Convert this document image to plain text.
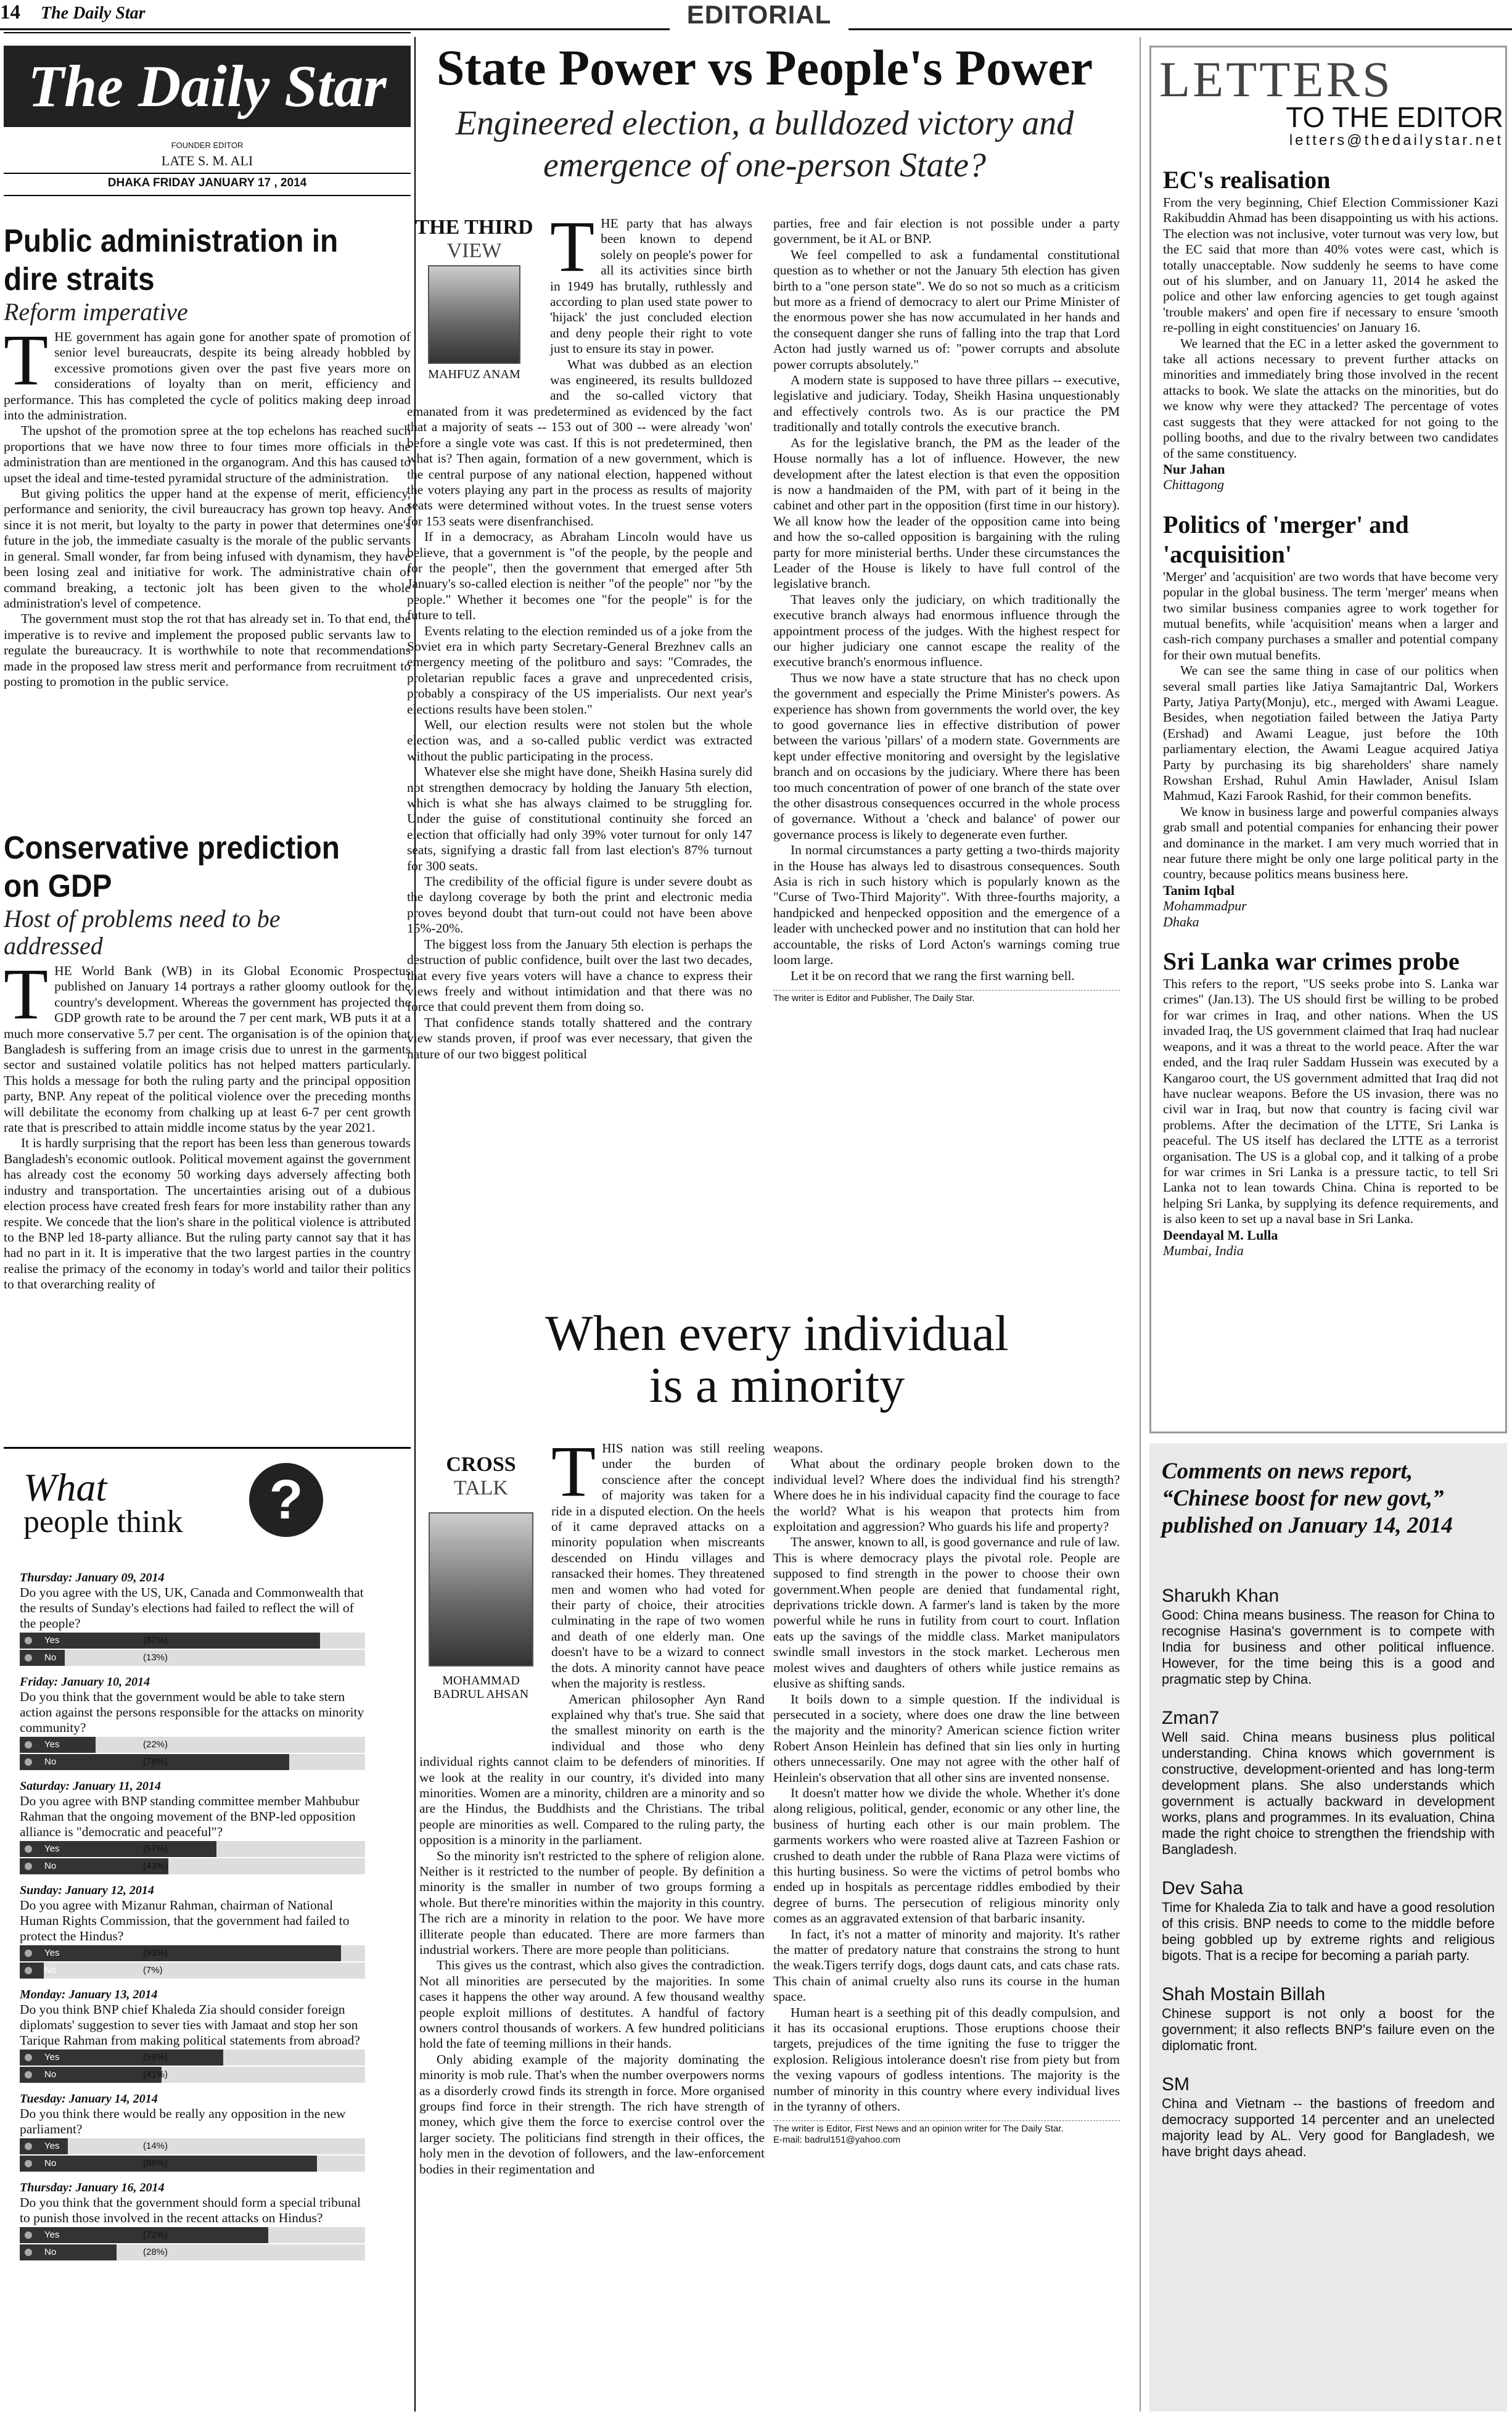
14	The Daily Star	EDITORIAL
The Daily Star
FOUNDER EDITOR
LATE S. M. ALI
DHAKA FRIDAY JANUARY 17 , 2014
Public administration in dire straits
Reform imperative
T HE government has again gone for another spate of promotion of senior level bureaucrats, despite its being already hobbled by excessive promotions given over the past five years more on considerations of loyalty than on merit, efficiency and performance. This has completed the cycle of politics making deep inroad into the administration.

The upshot of the promotion spree at the top echelons has reached such proportions that we have now three to four times more officials in the administration than are mentioned in the organogram. And this has caused to upset the ideal and time-tested pyramidal structure of the administration.

But giving politics the upper hand at the expense of merit, efficiency, performance and seniority, the civil bureaucracy has grown top heavy. And since it is not merit, but loyalty to the party in power that determines one's future in the job, the immediate casualty is the morale of the public servants in general. Small wonder, far from being infused with dynamism, they have been losing zeal and initiative for work. The administrative chain of command breaking, a tectonic jolt has been given to the whole administration's level of competence.

The government must stop the rot that has already set in. To that end, the imperative is to revive and implement the proposed public servants law to regulate the bureaucracy. It is worthwhile to note that recommendations made in the proposed law stress merit and performance from recruitment to posting to promotion in the public service.

Conservative prediction on GDP
Host of problems need to be addressed
T HE World Bank (WB) in its Global Economic Prospectus published on January 14 portrays a rather gloomy outlook for the country's development. Whereas the government has projected the GDP growth rate to be around the 7 per cent mark, WB puts it at a much more conservative 5.7 per cent. The organisation is of the opinion that Bangladesh is suffering from an image crisis due to unrest in the garments sector and sustained volatile politics has not helped matters particularly. This holds a message for both the ruling party and the principal opposition party, BNP. Any repeat of the political violence over the preceding months will debilitate the economy from chalking up at least 6-7 per cent growth rate that is prescribed to attain middle income status by the year 2021.

It is hardly surprising that the report has been less than generous towards Bangladesh's economic outlook. Political movement against the government has already cost the economy 50 working days adversely affecting both industry and transportation. The uncertainties arising out of a dubious election process have created fresh fears for more instability rather than any respite. We concede that the lion's share in the political violence is attributed to the BNP led 18-party alliance. But the ruling party cannot say that it has had no part in it. It is imperative that the two largest parties in the country realise the primacy of the economy in today's world and tailor their politics to that overarching reality of

What
people think	?
Thursday: January 09, 2014
Do you agree with the US, UK, Canada and Commonwealth that the results of Sunday's elections had failed to reflect the will of the people?
Yes	(87%)
No	(13%)
Friday: January 10, 2014
Do you think that the government would be able to take stern action against the persons responsible for the attacks on minority community?
Yes	(22%)
No	(78%)
Saturday: January 11, 2014
Do you agree with BNP standing committee member Mahbubur Rahman that the ongoing movement of the BNP-led opposition alliance is "democratic and peaceful"?
Yes	(57%)
No	(43%)
Sunday: January 12, 2014
Do you agree with Mizanur Rahman, chairman of National Human Rights Commission, that the government had failed to protect the Hindus?
Yes	(93%)
No	(7%)
Monday: January 13, 2014
Do you think BNP chief Khaleda Zia should consider foreign diplomats' suggestion to sever ties with Jamaat and stop her son Tarique Rahman from making political statements from abroad?
Yes	(59%)
No	(41%)
Tuesday: January 14, 2014
Do you think there would be really any opposition in the new parliament?
Yes	(14%)
No	(86%)
Thursday: January 16, 2014
Do you think that the government should form a special tribunal to punish those involved in the recent attacks on Hindus?
Yes	(72%)
No	(28%)
State Power vs People's Power
Engineered election, a bulldozed victory and emergence of one-person State?
THE THIRD
VIEW
MAHFUZ ANAM
T HE party that has always been known to depend solely on people's power for all its activities since birth in 1949 has brutally, ruthlessly and according to plan used state power to 'hijack' the just concluded election and deny people their right to vote just to ensure its stay in power.

What was dubbed as an election was engineered, its results bulldozed and the so-called victory that emanated from it was predetermined as evidenced by the fact that a majority of seats -- 153 out of 300 -- were already 'won' before a single vote was cast. If this is not predetermined, then what is? Then again, formation of a new government, which is the central purpose of any national election, happened without the voters playing any part in the process as results of majority seats were determined without votes. In the truest sense voters for 153 seats were disenfranchised.

If in a democracy, as Abraham Lincoln would have us believe, that a government is "of the people, by the people and for the people", then the government that emerged after 5th January's so-called election is neither "of the people" nor "by the people." Whether it becomes one "for the people" is for the future to tell.

Events relating to the election reminded us of a joke from the Soviet era in which party Secretary-General Brezhnev calls an emergency meeting of the politburo and says: "Comrades, the proletarian republic faces a grave and unprecedented crisis, probably a conspiracy of the US imperialists. Our next year's elections results have been stolen."

Well, our election results were not stolen but the whole election was, and a so-called public verdict was extracted without the public participating in the process.

Whatever else she might have done, Sheikh Hasina surely did not strengthen democracy by holding the January 5th election, which is what she has always claimed to be struggling for. Under the guise of constitutional continuity she forced an election that officially had only 39% voter turnout for only 147 seats, signifying a drastic fall from last election's 87% turnout for 300 seats.

The credibility of the official figure is under severe doubt as the daylong coverage by both the print and electronic media proves beyond doubt that turn-out could not have been above 15%-20%.

The biggest loss from the January 5th election is perhaps the destruction of public confidence, built over the last two decades, that every five years voters will have a chance to express their views freely and without intimidation and that there was no force that could prevent them from doing so.

That confidence stands totally shattered and the contrary view stands proven, if proof was ever necessary, that given the nature of our two biggest political

parties, free and fair election is not possible under a party government, be it AL or BNP.

We feel compelled to ask a fundamental constitutional question as to whether or not the January 5th election has given birth to a "one person state". We do so not so much as a criticism but more as a friend of democracy to alert our Prime Minister of the enormous power she has now accumulated in her hands and the consequent danger she runs of falling into the trap that Lord Acton had justly warned us of: "power corrupts and absolute power corrupts absolutely."

A modern state is supposed to have three pillars -- executive, legislative and judiciary. Today, Sheikh Hasina unquestionably and effectively controls two. As is our practice the PM traditionally and totally controls the executive branch.

As for the legislative branch, the PM as the leader of the House normally has a lot of influence. However, the new development after the latest election is that even the opposition is now a handmaiden of the PM, with part of it being in the cabinet and other part in the opposition (first time in our history). We all know how the leader of the opposition came into being and how the so-called opposition is bargaining with the ruling party for more ministerial berths. Under these circumstances the Leader of the House is likely to have full control of the legislative branch.

That leaves only the judiciary, on which traditionally the executive branch always had enormous influence through the appointment process of the judges. With the highest respect for our higher judiciary one cannot escape the reality of the executive branch's enormous influence.

Thus we now have a state structure that has no check upon the government and especially the Prime Minister's powers. As experience has shown from governments the world over, the key to good governance lies in effective distribution of power between the various 'pillars' of a modern state. Governments are kept under effective monitoring and oversight by the legislative branch and on occasions by the judiciary. Where there has been too much concentration of power of one branch of the state over the other disastrous consequences occurred in the whole process of governance. Without a 'check and balance' of power our governance process is likely to degenerate even further.

In normal circumstances a party getting a two-thirds majority in the House has always led to disastrous consequences. South Asia is rich in such history which is popularly known as the "Curse of Two-Third Majority". With three-fourths majority, a handpicked and henpecked opposition and the emergence of a leader with unchecked power and no institution that can hold her accountable, the risks of Lord Acton's warnings coming true loom large.

Let it be on record that we rang the first warning bell.

The writer is Editor and Publisher, The Daily Star.
When every individual
is a minority
CROSS
TALK
MOHAMMAD
BADRUL AHSAN
T HIS nation was still reeling under the burden of conscience after the concept of majority was taken for a ride in a disputed election. On the heels of it came depraved attacks on a minority population when miscreants descended on Hindu villages and ransacked their homes. They threatened men and women who had voted for their party of choice, their atrocities culminating in the rape of two women and death of one elderly man. One doesn't have to be a wizard to connect the dots. A minority cannot have peace when the majority is restless.

American philosopher Ayn Rand explained why that's true. She said that the smallest minority on earth is the individual and those who deny individual rights cannot claim to be defenders of minorities. If we look at the reality in our country, it's divided into many minorities. Women are a minority, children are a minority and so are the Hindus, the Buddhists and the Christians. The tribal people are minorities as well. Compared to the ruling party, the opposition is a minority in the parliament.

So the minority isn't restricted to the sphere of religion alone. Neither is it restricted to the number of people. By definition a minority is the smaller in number of two groups forming a whole. But there're minorities within the majority in this country. The rich are a minority in relation to the poor. We have more illiterate people than educated. There are more farmers than industrial workers. There are more people than politicians.

This gives us the contrast, which also gives the contradiction. Not all minorities are persecuted by the majorities. In some cases it happens the other way around. A few thousand wealthy people exploit millions of destitutes. A handful of factory owners control thousands of workers. A few hundred politicians hold the fate of teeming millions in their hands.

Only abiding example of the majority dominating the minority is mob rule. That's when the number overpowers norms as a disorderly crowd finds its strength in force. More organised groups find force in their strength. The rich have strength of money, which give them the force to exercise control over the larger society. The politicians find strength in their offices, the holy men in the devotion of followers, and the law-enforcement bodies in their regimentation and

weapons.

What about the ordinary people broken down to the individual level? Where does the individual find his strength? Where does he in his individual capacity find the courage to face the world? What is his weapon that protects him from exploitation and aggression? Who guards his life and property?

The answer, known to all, is good governance and rule of law. This is where democracy plays the pivotal role. People are supposed to find strength in the power to choose their own government.When people are denied that fundamental right, deprivations trickle down. A farmer's land is taken by the more powerful while he runs in futility from court to court. Inflation eats up the savings of the middle class. Market manipulators swindle small investors in the stock market. Lecherous men molest wives and daughters of others while justice remains as elusive as shifting sands.

It boils down to a simple question. If the individual is persecuted in a society, where does one draw the line between the majority and the minority? American science fiction writer Robert Anson Heinlein has defined that sin lies only in hurting others unnecessarily. One may not agree with the other half of Heinlein's observation that all other sins are invented nonsense.

It doesn't matter how we divide the whole. Whether it's done along religious, political, gender, economic or any other line, the business of hurting each other is our main problem. The garments workers who were roasted alive at Tazreen Fashion or crushed to death under the rubble of Rana Plaza were victims of this hurting business. So were the victims of petrol bombs who ended up in hospitals as percentage riddles embodied by their degree of burns. The persecution of religious minority only comes as an aggravated extension of that barbaric insanity.

In fact, it's not a matter of minority and majority. It's rather the matter of predatory nature that constrains the strong to hunt the weak.Tigers terrify dogs, dogs daunt cats, and cats chase rats. This chain of animal cruelty also runs its course in the human space.

Human heart is a seething pit of this deadly compulsion, and it has its occasional eruptions. Those eruptions choose their targets, prejudices of the time igniting the fuse to trigger the explosion. Religious intolerance doesn't rise from piety but from the vexing vapours of godless intentions. The majority is the number of minority in this country where every individual lives in the tyranny of others.

The writer is Editor, First News and an opinion writer for The Daily Star.
E-mail: badrul151@yahoo.com
LETTERS
TO THE EDITOR
letters@thedailystar.net
EC's realisation

From the very beginning, Chief Election Commissioner Kazi Rakibuddin Ahmad has been disappointing us with his actions. The election was not inclusive, voter turnout was very low, but the EC said that more than 40% votes were cast, which is totally unacceptable. Now suddenly he seems to have come out of his slumber, and on January 11, 2014 he asked the police and other law enforcing agencies to get tough against 'trouble makers' and open fire if necessary to ensure 'smooth re-polling in eight constituencies' on January 16.

We learned that the EC in a letter asked the government to take all actions necessary to prevent further attacks on minorities and immediately bring those involved in the recent attacks to book. We slate the attacks on the minorities, but do we know why were they attacked? The percentage of votes cast suggests that they were attacked for not going to the polling booths, and due to the rivalry between two candidates of the same constituency.

Nur Jahan

Chittagong

Politics of 'merger' and 'acquisition'

'Merger' and 'acquisition' are two words that have become very popular in the global business. The term 'merger' means when two similar business companies agree to work together for mutual benefits, while 'acquisition' means when a larger and cash-rich company purchases a smaller and potential company for their own mutual benefits.

We can see the same thing in case of our politics when several small parties like Jatiya Samajtantric Dal, Workers Party, Jatiya Party(Monju), etc., merged with Awami League. Besides, when negotiation failed between the Jatiya Party (Ershad) and Awami League, just before the 10th parliamentary election, the Awami League acquired Jatiya Party by purchasing its big shareholders' share namely Rowshan Ershad, Ruhul Amin Hawlader, Anisul Islam Mahmud, Kazi Farook Rashid, for their common benefits.

We know in business large and powerful companies always grab small and potential companies for enhancing their power and dominance in the market. I am very much worried that in near future there might be only one large political party in the country, because politics means business here.

Tanim Iqbal

Mohammadpur

Dhaka

Sri Lanka war crimes probe

This refers to the report, "US seeks probe into S. Lanka war crimes" (Jan.13). The US should first be willing to be probed for war crimes in Iraq, and other nations. When the US invaded Iraq, the US government claimed that Iraq had nuclear weapons, and it was a threat to the world peace. After the war ended, and the Iraq ruler Saddam Hussein was executed by a Kangaroo court, the US government admitted that Iraq did not have nuclear weapons. Before the US invasion, there was no civil war in Iraq, but now that country is facing civil war problems. After the decimation of the LTTE, Sri Lanka is peaceful. The US itself has declared the LTTE as a terrorist organisation. The US is a global cop, and it talking of a probe for war crimes in Sri Lanka is a pressure tactic, to tell Sri Lanka not to lean towards China. China is reported to be helping Sri Lanka, by supplying its defence requirements, and is also keen to set up a naval base in Sri Lanka.

Deendayal M. Lulla

Mumbai, India

Comments on news report, “Chinese boost for new govt,” published on January 14, 2014
Sharukh Khan
Good: China means business. The reason for China to recognise Hasina's government is to compete with India for business and other political influence. However, for the time being this is a good and pragmatic step by China.
Zman7
Well said. China means business plus political understanding. China knows which government is constructive, development-oriented and has long-term development plans. She also understands which government is actually backward in development works, plans and programmes. In its evaluation, China made the right choice to strengthen the friendship with Bangladesh.
Dev Saha
Time for Khaleda Zia to talk and have a good resolution of this crisis. BNP needs to come to the middle before being gobbled up by extreme rights and religious bigots. That is a recipe for becoming a pariah party.
Shah Mostain Billah
Chinese support is not only a boost for the government; it also reflects BNP's failure even on the diplomatic front.
SM
China and Vietnam -- the bastions of freedom and democracy supported 14 percenter and an unelected majority lead by AL. Very good for Bangladesh, we have bright days ahead.
